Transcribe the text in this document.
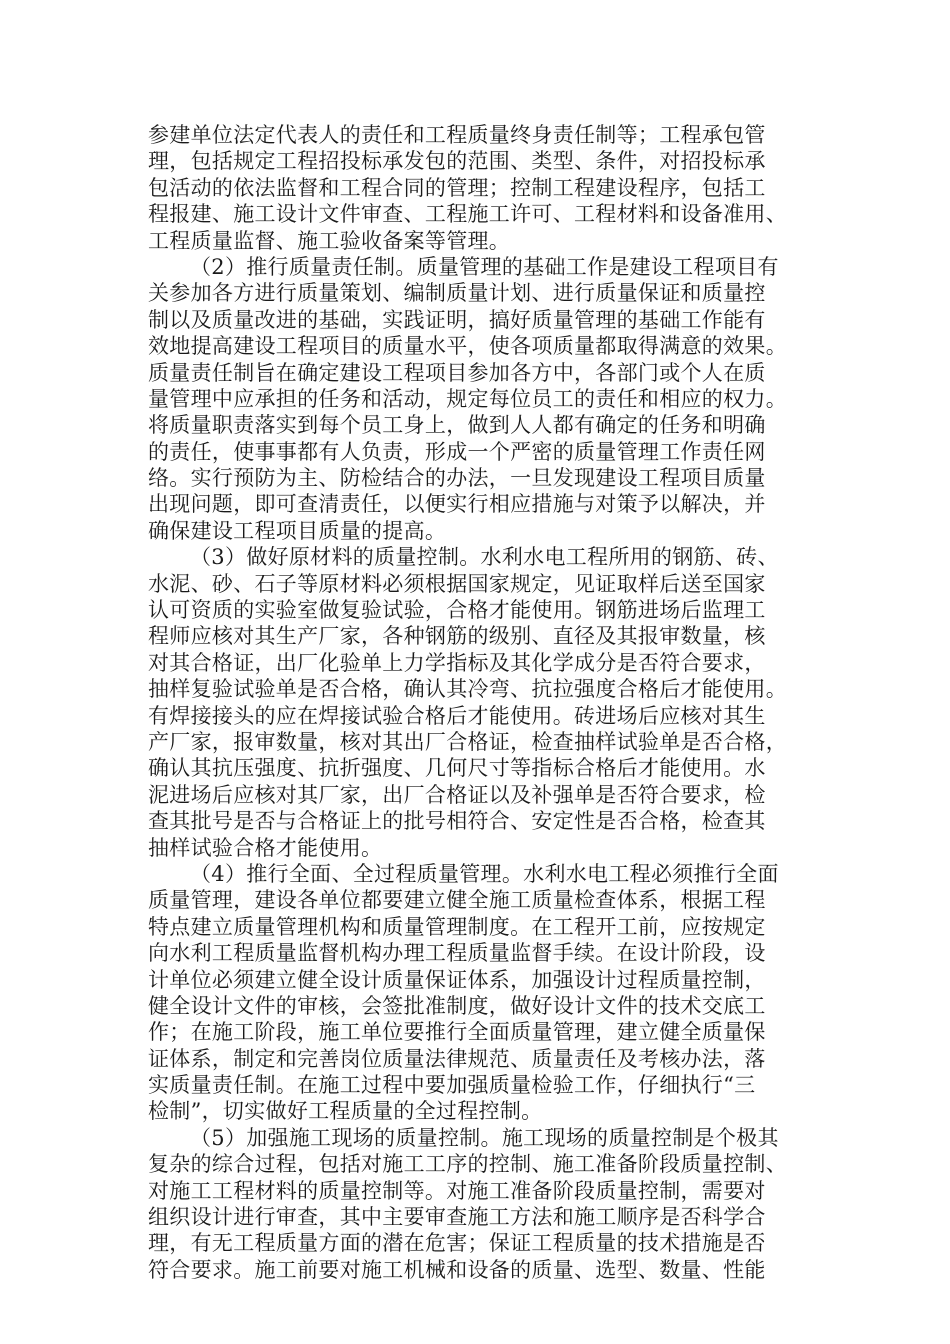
参建单位法定代表人的责任和工程质量终身责任制等；工程承包管
理，包括规定工程招投标承发包的范围、类型、条件，对招投标承
包活动的依法监督和工程合同的管理；控制工程建设程序，包括工
程报建、施工设计文件审查、工程施工许可、工程材料和设备准用、
工程质量监督、施工验收备案等管理。
（2）推行质量责任制。质量管理的基础工作是建设工程项目有
关参加各方进行质量策划、编制质量计划、进行质量保证和质量控
制以及质量改进的基础，实践证明，搞好质量管理的基础工作能有
效地提高建设工程项目的质量水平，使各项质量都取得满意的效果。
质量责任制旨在确定建设工程项目参加各方中，各部门或个人在质
量管理中应承担的任务和活动，规定每位员工的责任和相应的权力。
将质量职责落实到每个员工身上，做到人人都有确定的任务和明确
的责任，使事事都有人负责，形成一个严密的质量管理工作责任网
络。实行预防为主、防检结合的办法，一旦发现建设工程项目质量
出现问题，即可查清责任，以便实行相应措施与对策予以解决，并
确保建设工程项目质量的提高。
（3）做好原材料的质量控制。水利水电工程所用的钢筋、砖、
水泥、砂、石子等原材料必须根据国家规定，见证取样后送至国家
认可资质的实验室做复验试验，合格才能使用。钢筋进场后监理工
程师应核对其生产厂家，各种钢筋的级别、直径及其报审数量，核
对其合格证，出厂化验单上力学指标及其化学成分是否符合要求，
抽样复验试验单是否合格，确认其冷弯、抗拉强度合格后才能使用。
有焊接接头的应在焊接试验合格后才能使用。砖进场后应核对其生
产厂家，报审数量，核对其出厂合格证，检查抽样试验单是否合格，
确认其抗压强度、抗折强度、几何尺寸等指标合格后才能使用。水
泥进场后应核对其厂家，出厂合格证以及补强单是否符合要求，检
查其批号是否与合格证上的批号相符合、安定性是否合格，检查其
抽样试验合格才能使用。
（4）推行全面、全过程质量管理。水利水电工程必须推行全面
质量管理，建设各单位都要建立健全施工质量检查体系，根据工程
特点建立质量管理机构和质量管理制度。在工程开工前，应按规定
向水利工程质量监督机构办理工程质量监督手续。在设计阶段，设
计单位必须建立健全设计质量保证体系，加强设计过程质量控制，
健全设计文件的审核，会签批准制度，做好设计文件的技术交底工
作；在施工阶段，施工单位要推行全面质量管理，建立健全质量保
证体系，制定和完善岗位质量法律规范、质量责任及考核办法，落
实质量责任制。在施工过程中要加强质量检验工作，仔细执行“三
检制”，切实做好工程质量的全过程控制。
（5）加强施工现场的质量控制。施工现场的质量控制是个极其
复杂的综合过程，包括对施工工序的控制、施工准备阶段质量控制、
对施工工程材料的质量控制等。对施工准备阶段质量控制，需要对
组织设计进行审查，其中主要审查施工方法和施工顺序是否科学合
理，有无工程质量方面的潜在危害；保证工程质量的技术措施是否
符合要求。施工前要对施工机械和设备的质量、选型、数量、性能
